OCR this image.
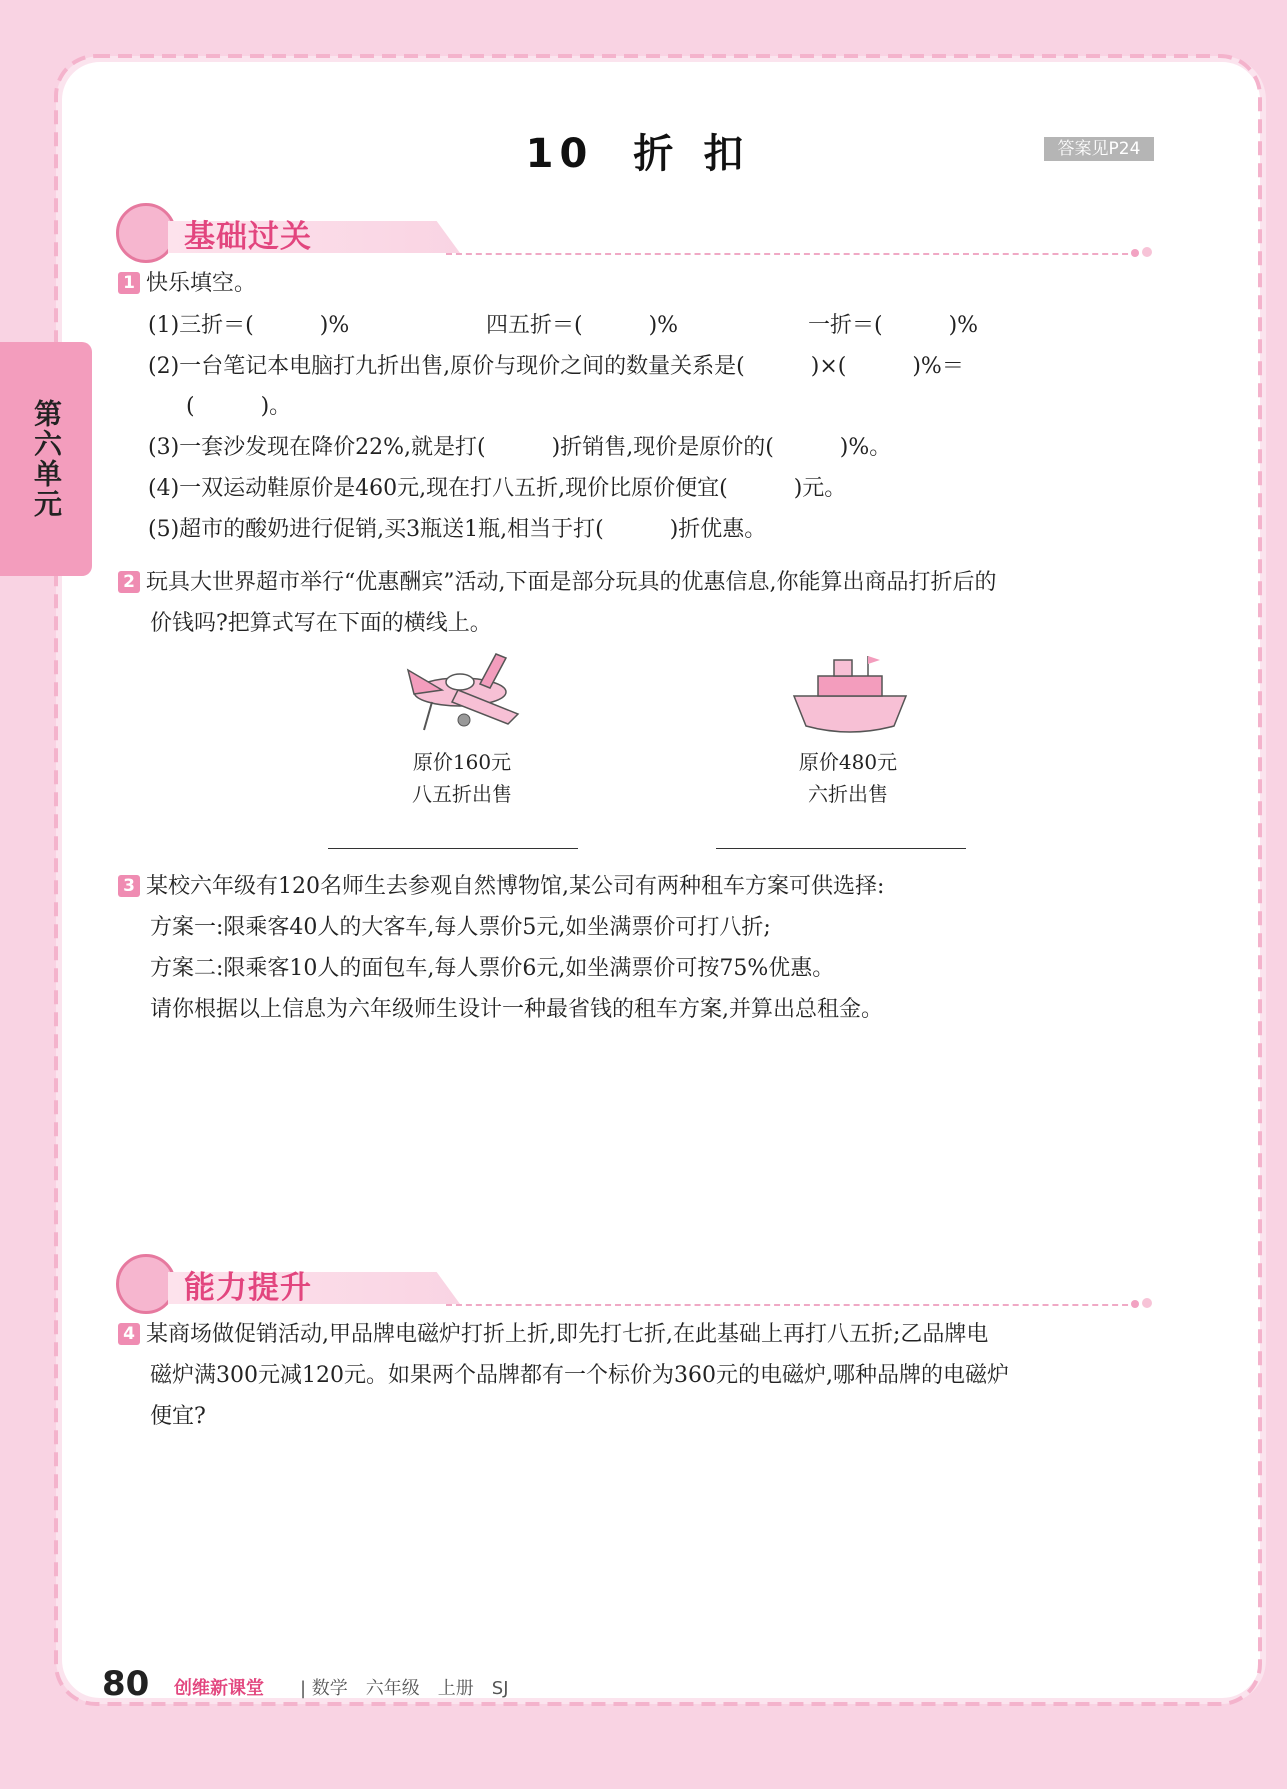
第六单元
10 折 扣	答案见P24
基础过关
1 快乐填空。
(1)三折＝(　　　)%	四五折＝(　　　)%	一折＝(　　　)%
(2)一台笔记本电脑打九折出售,原价与现价之间的数量关系是(　　　)×(　　　)%＝
(　　　)。
(3)一套沙发现在降价22%,就是打(　　　)折销售,现价是原价的(　　　)%。
(4)一双运动鞋原价是460元,现在打八五折,现价比原价便宜(　　　)元。
(5)超市的酸奶进行促销,买3瓶送1瓶,相当于打(　　　)折优惠。
2 玩具大世界超市举行“优惠酬宾”活动,下面是部分玩具的优惠信息,你能算出商品打折后的
价钱吗?把算式写在下面的横线上。
原价160元
八五折出售
原价480元
六折出售
3 某校六年级有120名师生去参观自然博物馆,某公司有两种租车方案可供选择:
方案一:限乘客40人的大客车,每人票价5元,如坐满票价可打八折;
方案二:限乘客10人的面包车,每人票价6元,如坐满票价可按75%优惠。
请你根据以上信息为六年级师生设计一种最省钱的租车方案,并算出总租金。
能力提升
4 某商场做促销活动,甲品牌电磁炉打折上折,即先打七折,在此基础上再打八五折;乙品牌电
磁炉满300元减120元。如果两个品牌都有一个标价为360元的电磁炉,哪种品牌的电磁炉
便宜?
80 创维新课堂 | 数学　六年级　上册　SJ
